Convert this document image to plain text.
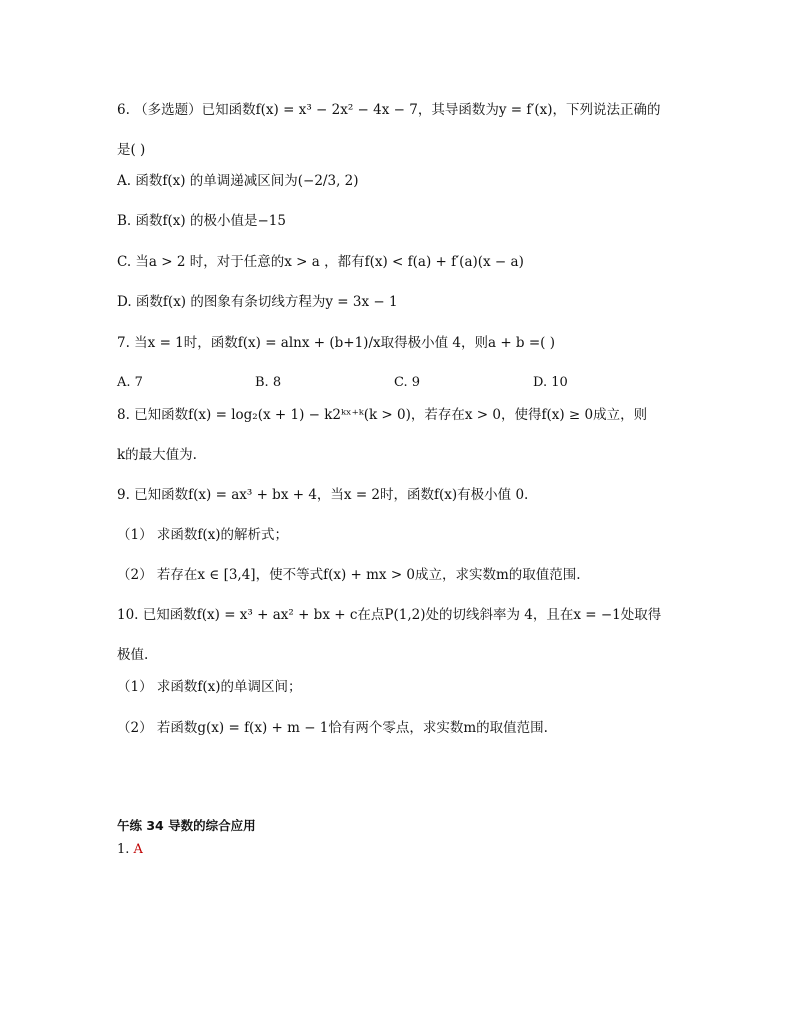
6. （多选题）已知函数f(x) = x³ − 2x² − 4x − 7，其导函数为y = f′(x)，下列说法正确的
是( )
A. 函数f(x) 的单调递减区间为(−2/3, 2)
B. 函数f(x) 的极小值是−15
C. 当a > 2 时，对于任意的x > a ，都有f(x) < f(a) + f′(a)(x − a)
D. 函数f(x) 的图象有条切线方程为y = 3x − 1
7. 当x = 1时，函数f(x) = alnx + (b+1)/x取得极小值 4，则a + b =( )
A. 7	B. 8	C. 9	D. 10
8. 已知函数f(x) = log₂(x + 1) − k2ᵏˣ⁺ᵏ(k > 0)，若存在x > 0，使得f(x) ≥ 0成立，则
k的最大值为.
9. 已知函数f(x) = ax³ + bx + 4，当x = 2时，函数f(x)有极小值 0.
（1） 求函数f(x)的解析式；
（2） 若存在x ∈ [3,4]，使不等式f(x) + mx > 0成立，求实数m的取值范围.
10. 已知函数f(x) = x³ + ax² + bx + c在点P(1,2)处的切线斜率为 4，且在x = −1处取得
极值.
（1） 求函数f(x)的单调区间；
（2） 若函数g(x) = f(x) + m − 1恰有两个零点，求实数m的取值范围.
午练 34 导数的综合应用
1. A
